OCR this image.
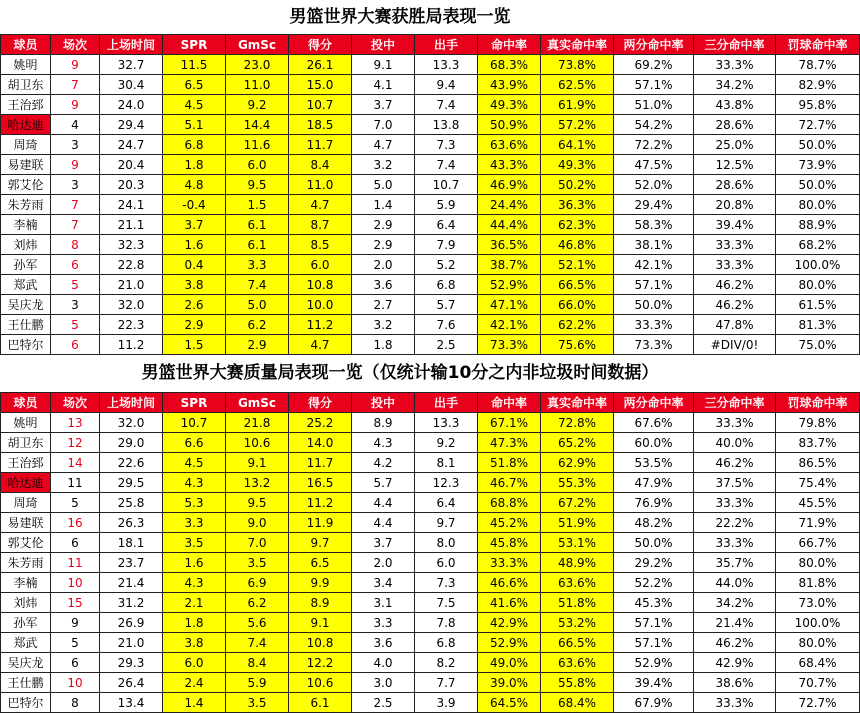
男篮世界大赛获胜局表现一览
球员	场次	上场时间	SPR	GmSc	得分	投中	出手	命中率	真实命中率	两分命中率	三分命中率	罚球命中率
姚明	9	32.7	11.5	23.0	26.1	9.1	13.3	68.3%	73.8%	69.2%	33.3%	78.7%
胡卫东	7	30.4	6.5	11.0	15.0	4.1	9.4	43.9%	62.5%	57.1%	34.2%	82.9%
王治郅	9	24.0	4.5	9.2	10.7	3.7	7.4	49.3%	61.9%	51.0%	43.8%	95.8%
哈达迪	4	29.4	5.1	14.4	18.5	7.0	13.8	50.9%	57.2%	54.2%	28.6%	72.7%
周琦	3	24.7	6.8	11.6	11.7	4.7	7.3	63.6%	64.1%	72.2%	25.0%	50.0%
易建联	9	20.4	1.8	6.0	8.4	3.2	7.4	43.3%	49.3%	47.5%	12.5%	73.9%
郭艾伦	3	20.3	4.8	9.5	11.0	5.0	10.7	46.9%	50.2%	52.0%	28.6%	50.0%
朱芳雨	7	24.1	-0.4	1.5	4.7	1.4	5.9	24.4%	36.3%	29.4%	20.8%	80.0%
李楠	7	21.1	3.7	6.1	8.7	2.9	6.4	44.4%	62.3%	58.3%	39.4%	88.9%
刘炜	8	32.3	1.6	6.1	8.5	2.9	7.9	36.5%	46.8%	38.1%	33.3%	68.2%
孙军	6	22.8	0.4	3.3	6.0	2.0	5.2	38.7%	52.1%	42.1%	33.3%	100.0%
郑武	5	21.0	3.8	7.4	10.8	3.6	6.8	52.9%	66.5%	57.1%	46.2%	80.0%
吴庆龙	3	32.0	2.6	5.0	10.0	2.7	5.7	47.1%	66.0%	50.0%	46.2%	61.5%
王仕鹏	5	22.3	2.9	6.2	11.2	3.2	7.6	42.1%	62.2%	33.3%	47.8%	81.3%
巴特尔	6	11.2	1.5	2.9	4.7	1.8	2.5	73.3%	75.6%	73.3%	#DIV/0!	75.0%
男篮世界大赛质量局表现一览（仅统计输10分之内非垃圾时间数据）
球员	场次	上场时间	SPR	GmSc	得分	投中	出手	命中率	真实命中率	两分命中率	三分命中率	罚球命中率
姚明	13	32.0	10.7	21.8	25.2	8.9	13.3	67.1%	72.8%	67.6%	33.3%	79.8%
胡卫东	12	29.0	6.6	10.6	14.0	4.3	9.2	47.3%	65.2%	60.0%	40.0%	83.7%
王治郅	14	22.6	4.5	9.1	11.7	4.2	8.1	51.8%	62.9%	53.5%	46.2%	86.5%
哈达迪	11	29.5	4.3	13.2	16.5	5.7	12.3	46.7%	55.3%	47.9%	37.5%	75.4%
周琦	5	25.8	5.3	9.5	11.2	4.4	6.4	68.8%	67.2%	76.9%	33.3%	45.5%
易建联	16	26.3	3.3	9.0	11.9	4.4	9.7	45.2%	51.9%	48.2%	22.2%	71.9%
郭艾伦	6	18.1	3.5	7.0	9.7	3.7	8.0	45.8%	53.1%	50.0%	33.3%	66.7%
朱芳雨	11	23.7	1.6	3.5	6.5	2.0	6.0	33.3%	48.9%	29.2%	35.7%	80.0%
李楠	10	21.4	4.3	6.9	9.9	3.4	7.3	46.6%	63.6%	52.2%	44.0%	81.8%
刘炜	15	31.2	2.1	6.2	8.9	3.1	7.5	41.6%	51.8%	45.3%	34.2%	73.0%
孙军	9	26.9	1.8	5.6	9.1	3.3	7.8	42.9%	53.2%	57.1%	21.4%	100.0%
郑武	5	21.0	3.8	7.4	10.8	3.6	6.8	52.9%	66.5%	57.1%	46.2%	80.0%
吴庆龙	6	29.3	6.0	8.4	12.2	4.0	8.2	49.0%	63.6%	52.9%	42.9%	68.4%
王仕鹏	10	26.4	2.4	5.9	10.6	3.0	7.7	39.0%	55.8%	39.4%	38.6%	70.7%
巴特尔	8	13.4	1.4	3.5	6.1	2.5	3.9	64.5%	68.4%	67.9%	33.3%	72.7%
